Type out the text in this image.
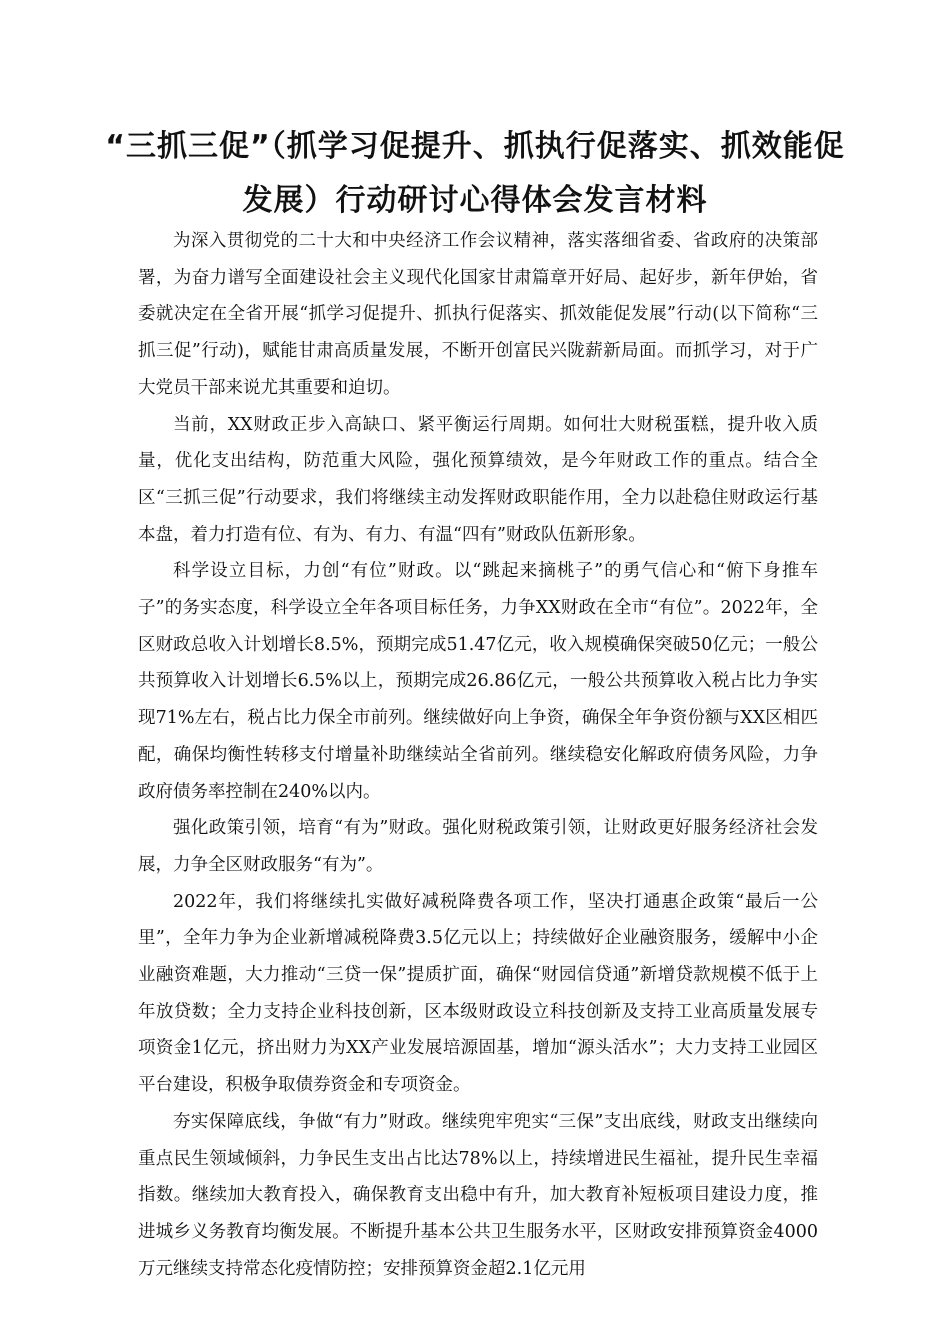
“三抓三促”（抓学习促提升、抓执行促落实、抓效能促发展）行动研讨心得体会发言材料

为深入贯彻党的二十大和中央经济工作会议精神，落实落细省委、省政府的决策部署，为奋力谱写全面建设社会主义现代化国家甘肃篇章开好局、起好步，新年伊始，省委就决定在全省开展“抓学习促提升、抓执行促落实、抓效能促发展”行动(以下简称“三抓三促”行动)，赋能甘肃高质量发展，不断开创富民兴陇薪新局面。而抓学习，对于广大党员干部来说尤其重要和迫切。

当前，XX财政正步入高缺口、紧平衡运行周期。如何壮大财税蛋糕，提升收入质量，优化支出结构，防范重大风险，强化预算绩效，是今年财政工作的重点。结合全区“三抓三促”行动要求，我们将继续主动发挥财政职能作用，全力以赴稳住财政运行基本盘，着力打造有位、有为、有力、有温“四有”财政队伍新形象。

科学设立目标，力创“有位”财政。以“跳起来摘桃子”的勇气信心和“俯下身推车子”的务实态度，科学设立全年各项目标任务，力争XX财政在全市“有位”。2022年，全区财政总收入计划增长8.5%，预期完成51.47亿元，收入规模确保突破50亿元；一般公共预算收入计划增长6.5%以上，预期完成26.86亿元，一般公共预算收入税占比力争实现71%左右，税占比力保全市前列。继续做好向上争资，确保全年争资份额与XX区相匹配，确保均衡性转移支付增量补助继续站全省前列。继续稳安化解政府债务风险，力争政府债务率控制在240%以内。

强化政策引领，培育“有为”财政。强化财税政策引领，让财政更好服务经济社会发展，力争全区财政服务“有为”。

2022年，我们将继续扎实做好减税降费各项工作，坚决打通惠企政策“最后一公里”，全年力争为企业新增减税降费3.5亿元以上；持续做好企业融资服务，缓解中小企业融资难题，大力推动“三贷一保”提质扩面，确保“财园信贷通”新增贷款规模不低于上年放贷数；全力支持企业科技创新，区本级财政设立科技创新及支持工业高质量发展专项资金1亿元，挤出财力为XX产业发展培源固基，增加“源头活水”；大力支持工业园区平台建设，积极争取债券资金和专项资金。

夯实保障底线，争做“有力”财政。继续兜牢兜实“三保”支出底线，财政支出继续向重点民生领域倾斜，力争民生支出占比达78%以上，持续增进民生福祉，提升民生幸福指数。继续加大教育投入，确保教育支出稳中有升，加大教育补短板项目建设力度，推进城乡义务教育均衡发展。不断提升基本公共卫生服务水平，区财政安排预算资金4000万元继续支持常态化疫情防控；安排预算资金超2.1亿元用
